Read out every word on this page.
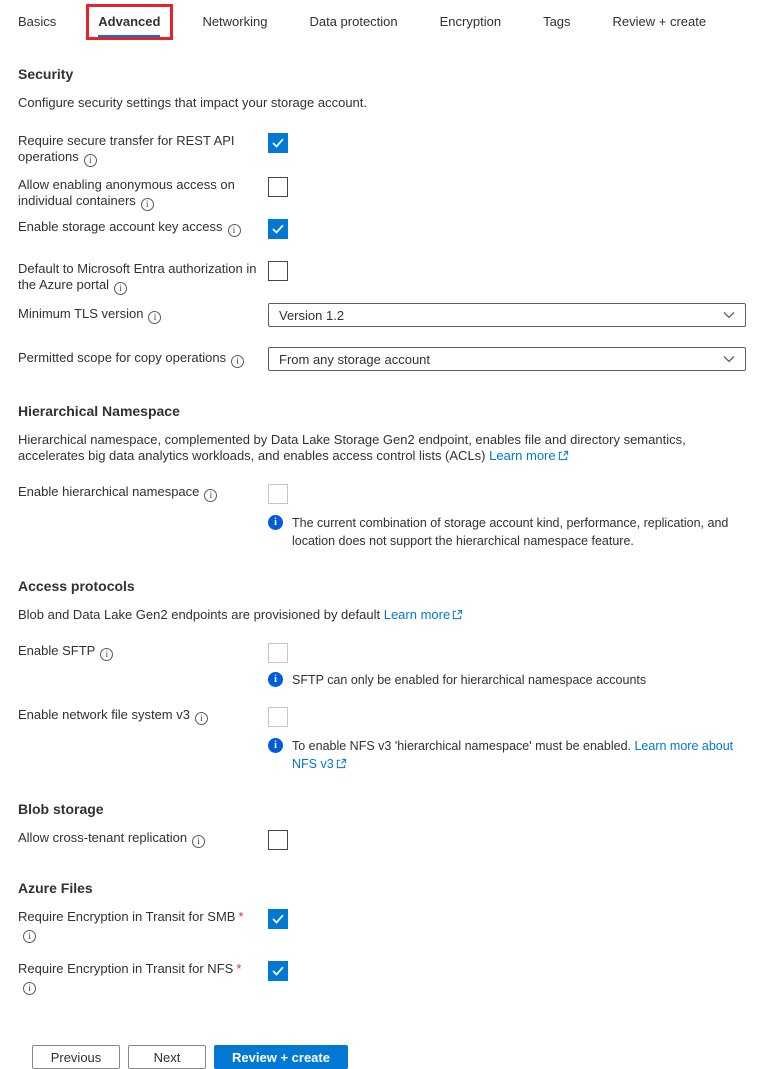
Basics	Advanced	Networking	Data protection	Encryption	Tags	Review + create
Security
Configure security settings that impact your storage account.
Require secure transfer for REST API operations i
Allow enabling anonymous access on individual containers i
Enable storage account key access i
Default to Microsoft Entra authorization in the Azure portal i
Minimum TLS version i	Version 1.2
Permitted scope for copy operations i	From any storage account
Hierarchical Namespace
Hierarchical namespace, complemented by Data Lake Storage Gen2 endpoint, enables file and directory semantics, accelerates big data analytics workloads, and enables access control lists (ACLs) Learn more
Enable hierarchical namespace i
i	The current combination of storage account kind, performance, replication, and location does not support the hierarchical namespace feature.
Access protocols
Blob and Data Lake Gen2 endpoints are provisioned by default Learn more
Enable SFTP i
i	SFTP can only be enabled for hierarchical namespace accounts
Enable network file system v3 i
i	To enable NFS v3 'hierarchical namespace' must be enabled. Learn more about NFS v3
Blob storage
Allow cross-tenant replication i
Azure Files
Require Encryption in Transit for SMB *i
Require Encryption in Transit for NFS *i
Previous	Next	Review + create
